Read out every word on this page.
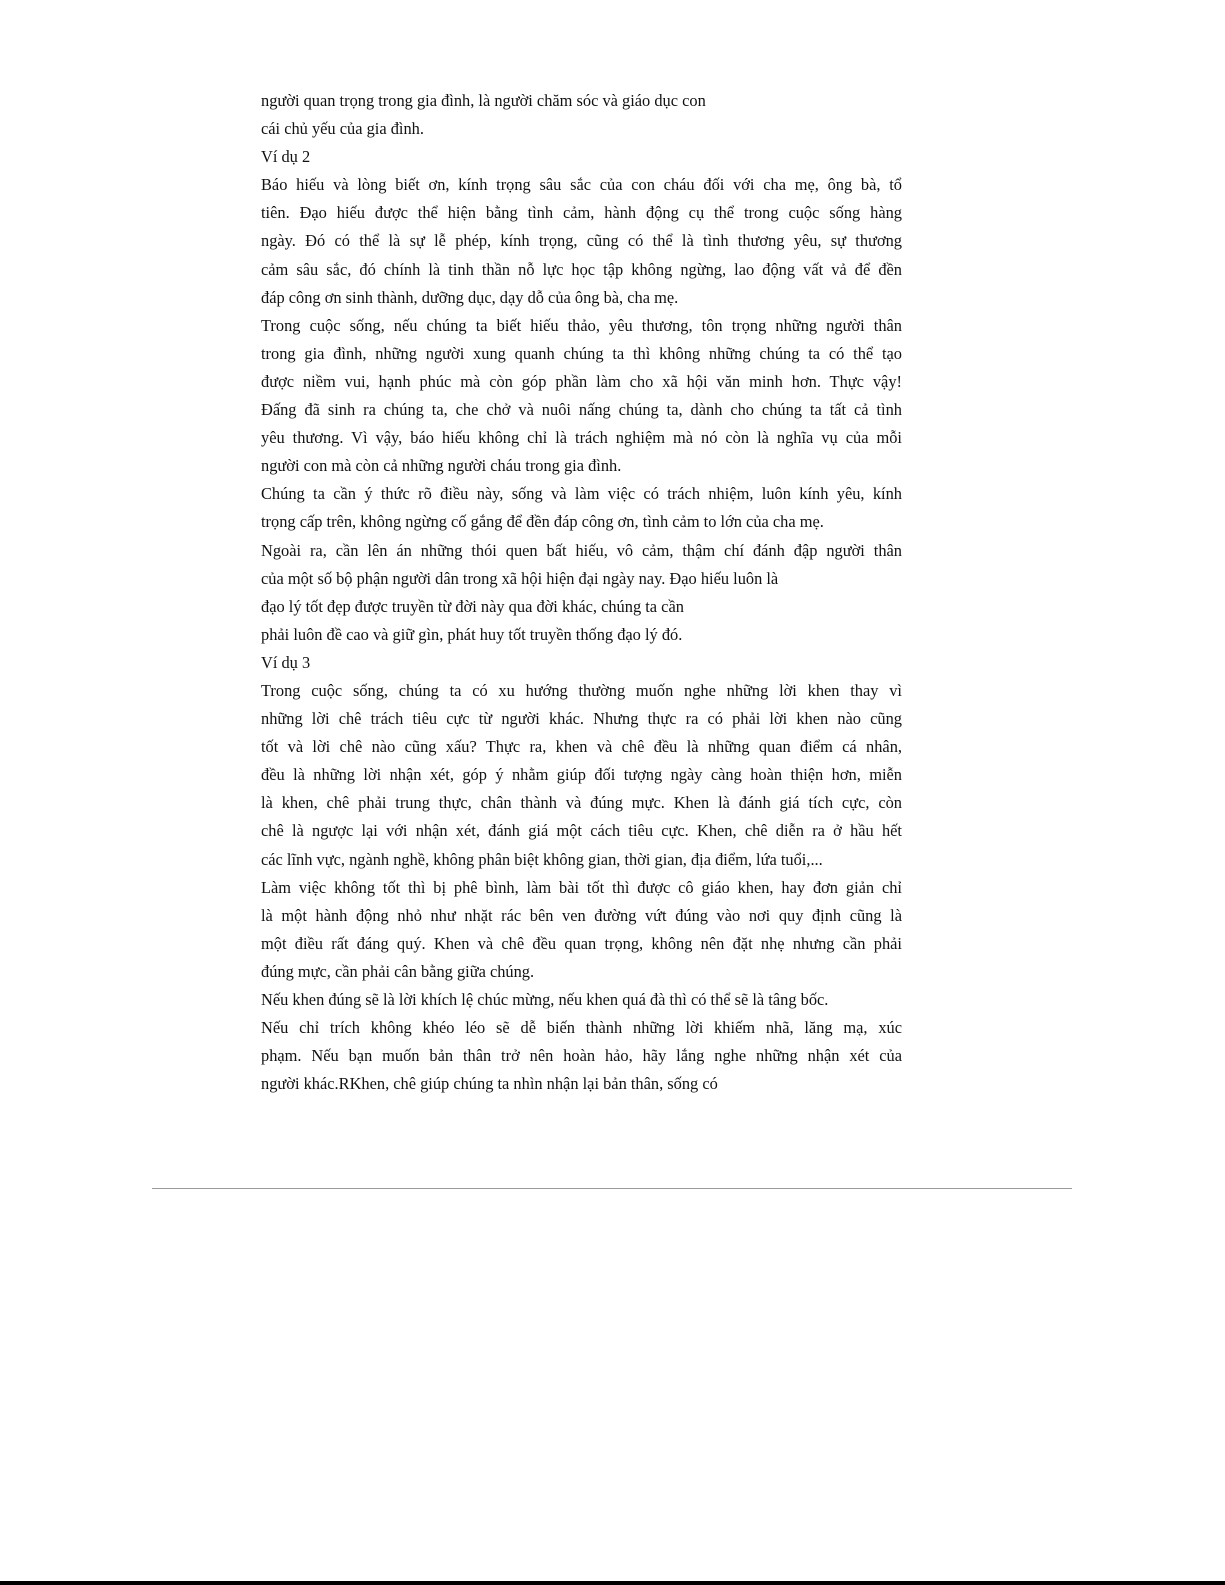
người quan trọng trong gia đình, là người chăm sóc và giáo dục con
cái chủ yếu của gia đình.
Ví dụ 2
Báo hiếu và lòng biết ơn, kính trọng sâu sắc của con cháu đối với cha mẹ, ông bà, tổ
tiên. Đạo hiếu được thể hiện bằng tình cảm, hành động cụ thể trong cuộc sống hàng
ngày. Đó có thể là sự lễ phép, kính trọng, cũng có thể là tình thương yêu, sự thương
cảm sâu sắc, đó chính là tinh thần nỗ lực học tập không ngừng, lao động vất vả để đền
đáp công ơn sinh thành, dưỡng dục, dạy dỗ của ông bà, cha mẹ.
Trong cuộc sống, nếu chúng ta biết hiếu thảo, yêu thương, tôn trọng những người thân
trong gia đình, những người xung quanh chúng ta thì không những chúng ta có thể tạo
được niềm vui, hạnh phúc mà còn góp phần làm cho xã hội văn minh hơn. Thực vậy!
Đấng đã sinh ra chúng ta, che chở và nuôi nấng chúng ta, dành cho chúng ta tất cả tình
yêu thương. Vì vậy, báo hiếu không chỉ là trách nghiệm mà nó còn là nghĩa vụ của mỗi
người con mà còn cả những người cháu trong gia đình.
Chúng ta cần ý thức rõ điều này, sống và làm việc có trách nhiệm, luôn kính yêu, kính
trọng cấp trên, không ngừng cố gắng để đền đáp công ơn, tình cảm to lớn của cha mẹ.
Ngoài ra, cần lên án những thói quen bất hiếu, vô cảm, thậm chí đánh đập người thân
của một số bộ phận người dân trong xã hội hiện đại ngày nay. Đạo hiếu luôn là
đạo lý tốt đẹp được truyền từ đời này qua đời khác, chúng ta cần
phải luôn đề cao và giữ gìn, phát huy tốt truyền thống đạo lý đó.
Ví dụ 3
Trong cuộc sống, chúng ta có xu hướng thường muốn nghe những lời khen thay vì
những lời chê trách tiêu cực từ người khác. Nhưng thực ra có phải lời khen nào cũng
tốt và lời chê nào cũng xấu? Thực ra, khen và chê đều là những quan điểm cá nhân,
đều là những lời nhận xét, góp ý nhằm giúp đối tượng ngày càng hoàn thiện hơn, miễn
là khen, chê phải trung thực, chân thành và đúng mực. Khen là đánh giá tích cực, còn
chê là ngược lại với nhận xét, đánh giá một cách tiêu cực. Khen, chê diễn ra ở hầu hết
các lĩnh vực, ngành nghề, không phân biệt không gian, thời gian, địa điểm, lứa tuổi,...
Làm việc không tốt thì bị phê bình, làm bài tốt thì được cô giáo khen, hay đơn giản chỉ
là một hành động nhỏ như nhặt rác bên ven đường vứt đúng vào nơi quy định cũng là
một điều rất đáng quý. Khen và chê đều quan trọng, không nên đặt nhẹ nhưng cần phải
đúng mực, cần phải cân bằng giữa chúng.
Nếu khen đúng sẽ là lời khích lệ chúc mừng, nếu khen quá đà thì có thể sẽ là tâng bốc.
Nếu chỉ trích không khéo léo sẽ dễ biến thành những lời khiếm nhã, lăng mạ, xúc
phạm. Nếu bạn muốn bản thân trở nên hoàn hảo, hãy lắng nghe những nhận xét của
người khác.RKhen, chê giúp chúng ta nhìn nhận lại bản thân, sống có
